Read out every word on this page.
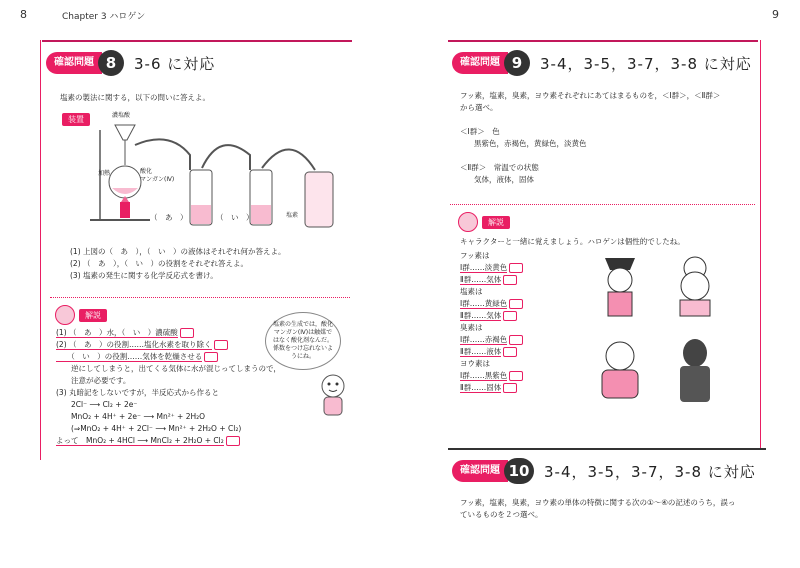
8	Chapter 3 ハロゲン
確認問題 8	3-6 に対応
塩素の製法に関する，以下の問いに答えよ。
装置	濃塩酸
加熱	酸化
マンガン(Ⅳ)
（　あ　）	（　い　）	塩素
(1) 上図の（　あ　），（　い　）の液体はそれぞれ何か答えよ。
(2) （　あ　），（　い　）の役割をそれぞれ答えよ。
(3) 塩素の発生に関する化学反応式を書け。
解説
(1) （　あ　）水，（　い　）濃硫酸
(2) （　あ　）の役割……塩化水素を取り除く
　　（　い　）の役割……気体を乾燥させる
　　逆にしてしまうと，出てくる気体に水が混じってしまうので，
　　注意が必要です。
(3) 丸暗記をしないですが，半反応式から作ると
　　2Cl⁻ ⟶ Cl₂ + 2e⁻
　　MnO₂ + 4H⁺ + 2e⁻ ⟶ Mn²⁺ + 2H₂O
　　(⇒MnO₂ + 4H⁺ + 2Cl⁻ ⟶ Mn²⁺ + 2H₂O + Cl₂)
よって　MnO₂ + 4HCl ⟶ MnCl₂ + 2H₂O + Cl₂
塩素の生成では，酸化マンガン(Ⅳ)は触媒ではなく酸化剤なんだ。係数をつけ忘れないようにね。
9
確認問題 9	3-4，3-5，3-7，3-8 に対応
フッ素，塩素，臭素，ヨウ素それぞれにあてはまるものを，＜Ⅰ群＞，＜Ⅱ群＞
から選べ。
＜Ⅰ群＞　色
黒紫色，赤褐色，黄緑色，淡黄色
＜Ⅱ群＞　常温での状態
気体，液体，固体
解説
キャラクターと一緒に覚えましょう。ハロゲンは個性的でしたね。
フッ素は
Ⅰ群……淡黄色
Ⅱ群……気体
塩素は
Ⅰ群……黄緑色
Ⅱ群……気体
臭素は
Ⅰ群……赤褐色
Ⅱ群……液体
ヨウ素は
Ⅰ群……黒紫色
Ⅱ群……固体
確認問題 10 3-4，3-5，3-7，3-8 に対応
フッ素，塩素，臭素，ヨウ素の単体の特徴に関する次の①～④の記述のうち，誤っ
ているものを２つ選べ。
